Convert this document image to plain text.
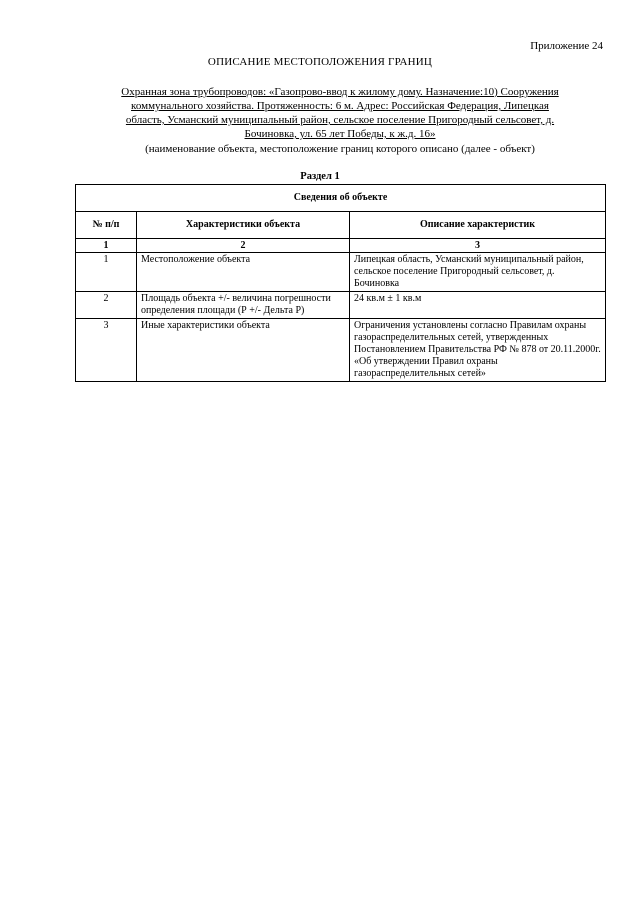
Приложение 24
ОПИСАНИЕ МЕСТОПОЛОЖЕНИЯ ГРАНИЦ
Охранная зона трубопроводов: «Газопрово-ввод к жилому дому. Назначение:10) Сооружения
коммунального хозяйства. Протяженность: 6 м. Адрес: Российская Федерация, Липецкая
область, Усманский муниципальный район, сельское поселение Пригородный сельсовет, д.
Бочиновка, ул. 65 лет Победы, к ж.д. 16»
(наименование объекта, местоположение границ которого описано (далее - объект)
Раздел 1
Сведения об объекте		
№ п/п	Характеристики объекта	Описание характеристик
1	2	3
1	Местоположение объекта	Липецкая область, Усманский муниципальный район, сельское поселение Пригородный сельсовет, д. Бочиновка
2	Площадь объекта +/- величина погрешности определения площади (Р +/- Дельта Р)	24 кв.м ± 1 кв.м
3	Иные характеристики объекта	Ограничения установлены согласно Правилам охраны газораспределительных сетей, утвержденных Постановлением Правительства РФ № 878 от 20.11.2000г. «Об утверждении Правил охраны газораспределительных сетей»
